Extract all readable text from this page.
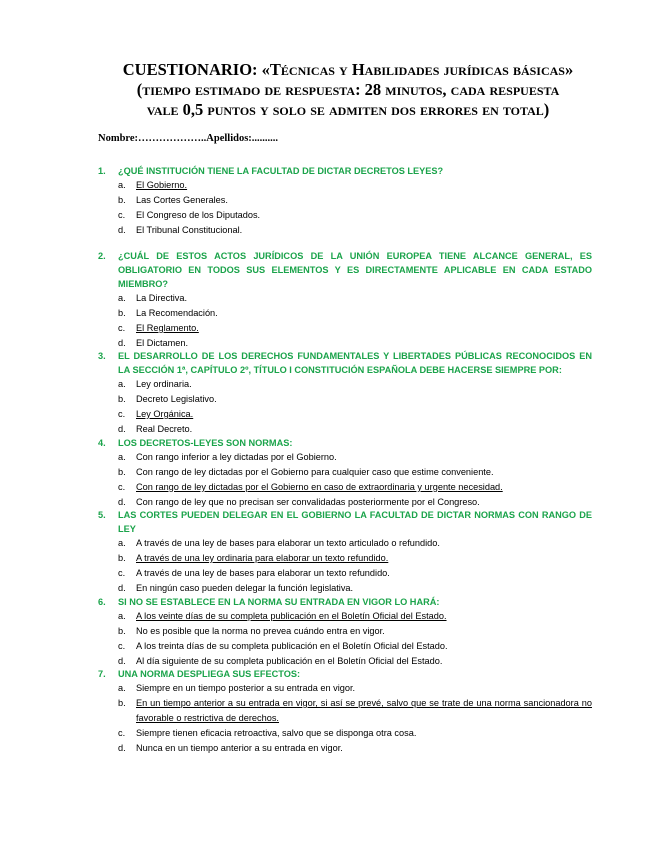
CUESTIONARIO: «Técnicas y Habilidades jurídicas básicas»
(tiempo estimado de respuesta: 28 minutos, cada respuesta
vale 0,5 puntos y solo se admiten dos errores en total)
Nombre:………………..Apellidos:..........
1.	¿QUÉ INSTITUCIÓN TIENE LA FACULTAD DE DICTAR DECRETOS LEYES?
a.	El Gobierno.
b.	Las Cortes Generales.
c.	El Congreso de los Diputados.
d.	El Tribunal Constitucional.
2.	¿CUÁL DE ESTOS ACTOS JURÍDICOS DE LA UNIÓN EUROPEA TIENE ALCANCE GENERAL, ES OBLIGATORIO EN TODOS SUS ELEMENTOS Y ES DIRECTAMENTE APLICABLE EN CADA ESTADO MIEMBRO?
a.	La Directiva.
b.	La Recomendación.
c.	El Reglamento.
d.	El Dictamen.
3.	EL DESARROLLO DE LOS DERECHOS FUNDAMENTALES Y LIBERTADES PÚBLICAS RECONOCIDOS EN LA SECCIÓN 1ª, CAPÍTULO 2º, TÍTULO I CONSTITUCIÓN ESPAÑOLA DEBE HACERSE SIEMPRE POR:
a.	Ley ordinaria.
b.	Decreto Legislativo.
c.	Ley Orgánica.
d.	Real Decreto.
4.	LOS DECRETOS-LEYES SON NORMAS:
a.	Con rango inferior a ley dictadas por el Gobierno.
b.	Con rango de ley dictadas por el Gobierno para cualquier caso que estime conveniente.
c.	Con rango de ley dictadas por el Gobierno en caso de extraordinaria y urgente necesidad.
d.	Con rango de ley que no precisan ser convalidadas posteriormente por el Congreso.
5.	LAS CORTES PUEDEN DELEGAR EN EL GOBIERNO LA FACULTAD DE DICTAR NORMAS CON RANGO DE LEY
a.	A través de una ley de bases para elaborar un texto articulado o refundido.
b.	A través de una ley ordinaria para elaborar un texto refundido.
c.	A través de una ley de bases para elaborar un texto refundido.
d.	En ningún caso pueden delegar la función legislativa.
6.	SI NO SE ESTABLECE EN LA NORMA SU ENTRADA EN VIGOR LO HARÁ:
a.	A los veinte días de su completa publicación en el Boletín Oficial del Estado.
b.	No es posible que la norma no prevea cuándo entra en vigor.
c.	A los treinta días de su completa publicación en el Boletín Oficial del Estado.
d.	Al día siguiente de su completa publicación en el Boletín Oficial del Estado.
7.	UNA NORMA DESPLIEGA SUS EFECTOS:
a.	Siempre en un tiempo posterior a su entrada en vigor.
b.	En un tiempo anterior a su entrada en vigor, si así se prevé, salvo que se trate de una norma sancionadora no favorable o restrictiva de derechos.
c.	Siempre tienen eficacia retroactiva, salvo que se disponga otra cosa.
d.	Nunca en un tiempo anterior a su entrada en vigor.
